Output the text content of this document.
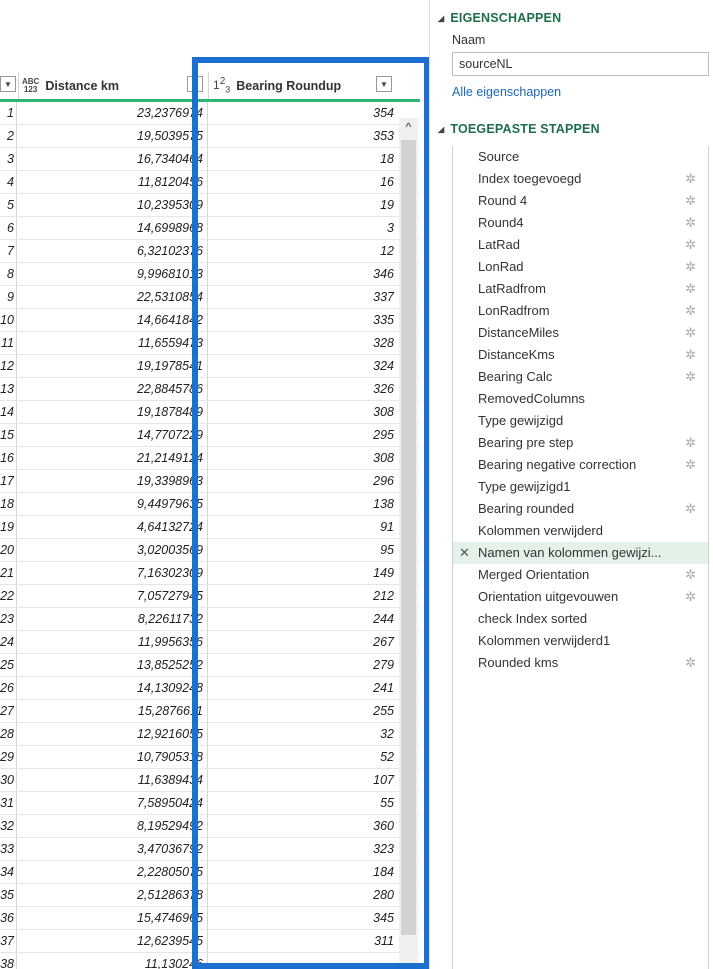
▼	ABC
123 Distance km	▼	$1^2_3$ Bearing Roundup	▼
1	23,2376974	354
2	19,5039575	353
3	16,7340464	18
4	11,8120456	16
5	10,2395309	19
6	14,6998968	3
7	6,32102376	12
8	9,99681013	346
9	22,5310854	337
10	14,6641842	335
11	11,6559473	328
12	19,1978541	324
13	22,8845786	326
14	19,1878489	308
15	14,7707229	295
16	21,2149124	308
17	19,3398963	296
18	9,44979635	138
19	4,64132724	91
20	3,02003569	95
21	7,16302309	149
22	7,05727945	212
23	8,22611732	244
24	11,9956356	267
25	13,8525252	279
26	14,1309248	241
27	15,2876611	255
28	12,9216055	32
29	10,7905318	52
30	11,6389434	107
31	7,58950424	55
32	8,19529492	360
33	3,47036792	323
34	2,22805075	184
35	2,51286378	280
36	15,4746965	345
37	12,6239545	311
38	11,130246
^
◢ EIGENSCHAPPEN
Naam
sourceNL
Alle eigenschappen
◢ TOEGEPASTE STAPPEN
Source
Index toegevoegd	✲
Round 4	✲
Round4	✲
LatRad	✲
LonRad	✲
LatRadfrom	✲
LonRadfrom	✲
DistanceMiles	✲
DistanceKms	✲
Bearing Calc	✲
RemovedColumns
Type gewijzigd
Bearing pre step	✲
Bearing negative correction	✲
Type gewijzigd1
Bearing rounded	✲
Kolommen verwijderd
✕ Namen van kolommen gewijzi...
Merged Orientation	✲
Orientation uitgevouwen	✲
check Index sorted
Kolommen verwijderd1
Rounded kms	✲
